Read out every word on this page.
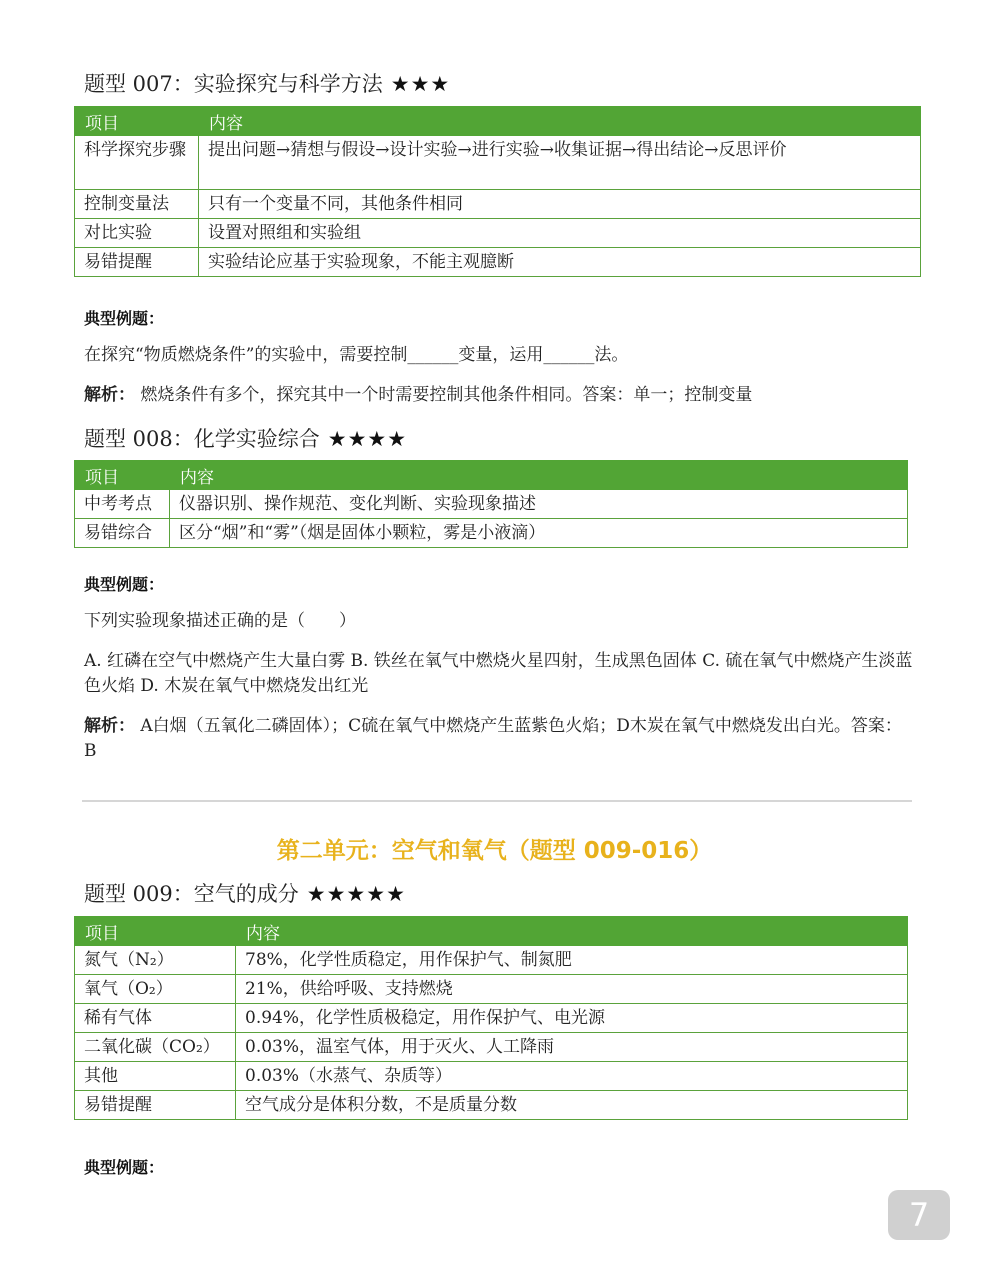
题型 007：实验探究与科学方法 ★★★
项目	内容
科学探究步骤	提出问题→猜想与假设→设计实验→进行实验→收集证据→得出结论→反思评价
控制变量法	只有一个变量不同，其他条件相同
对比实验	设置对照组和实验组
易错提醒	实验结论应基于实验现象，不能主观臆断
典型例题：
在探究“物质燃烧条件”的实验中，需要控制______变量，运用______法。
解析： 燃烧条件有多个，探究其中一个时需要控制其他条件相同。答案：单一；控制变量
题型 008：化学实验综合 ★★★★
项目	内容
中考考点	仪器识别、操作规范、变化判断、实验现象描述
易错综合	区分“烟”和“雾”（烟是固体小颗粒，雾是小液滴）
典型例题：
下列实验现象描述正确的是（　　）
A. 红磷在空气中燃烧产生大量白雾 B. 铁丝在氧气中燃烧火星四射，生成黑色固体 C. 硫在氧气中燃烧产生淡蓝色火焰 D. 木炭在氧气中燃烧发出红光
解析： A白烟（五氧化二磷固体）；C硫在氧气中燃烧产生蓝紫色火焰；D木炭在氧气中燃烧发出白光。答案：B
第二单元：空气和氧气（题型 009-016）
题型 009：空气的成分 ★★★★★
项目	内容
氮气（N₂）	78%，化学性质稳定，用作保护气、制氮肥
氧气（O₂）	21%，供给呼吸、支持燃烧
稀有气体	0.94%，化学性质极稳定，用作保护气、电光源
二氧化碳（CO₂）	0.03%，温室气体，用于灭火、人工降雨
其他	0.03%（水蒸气、杂质等）
易错提醒	空气成分是体积分数，不是质量分数
典型例题：
7
